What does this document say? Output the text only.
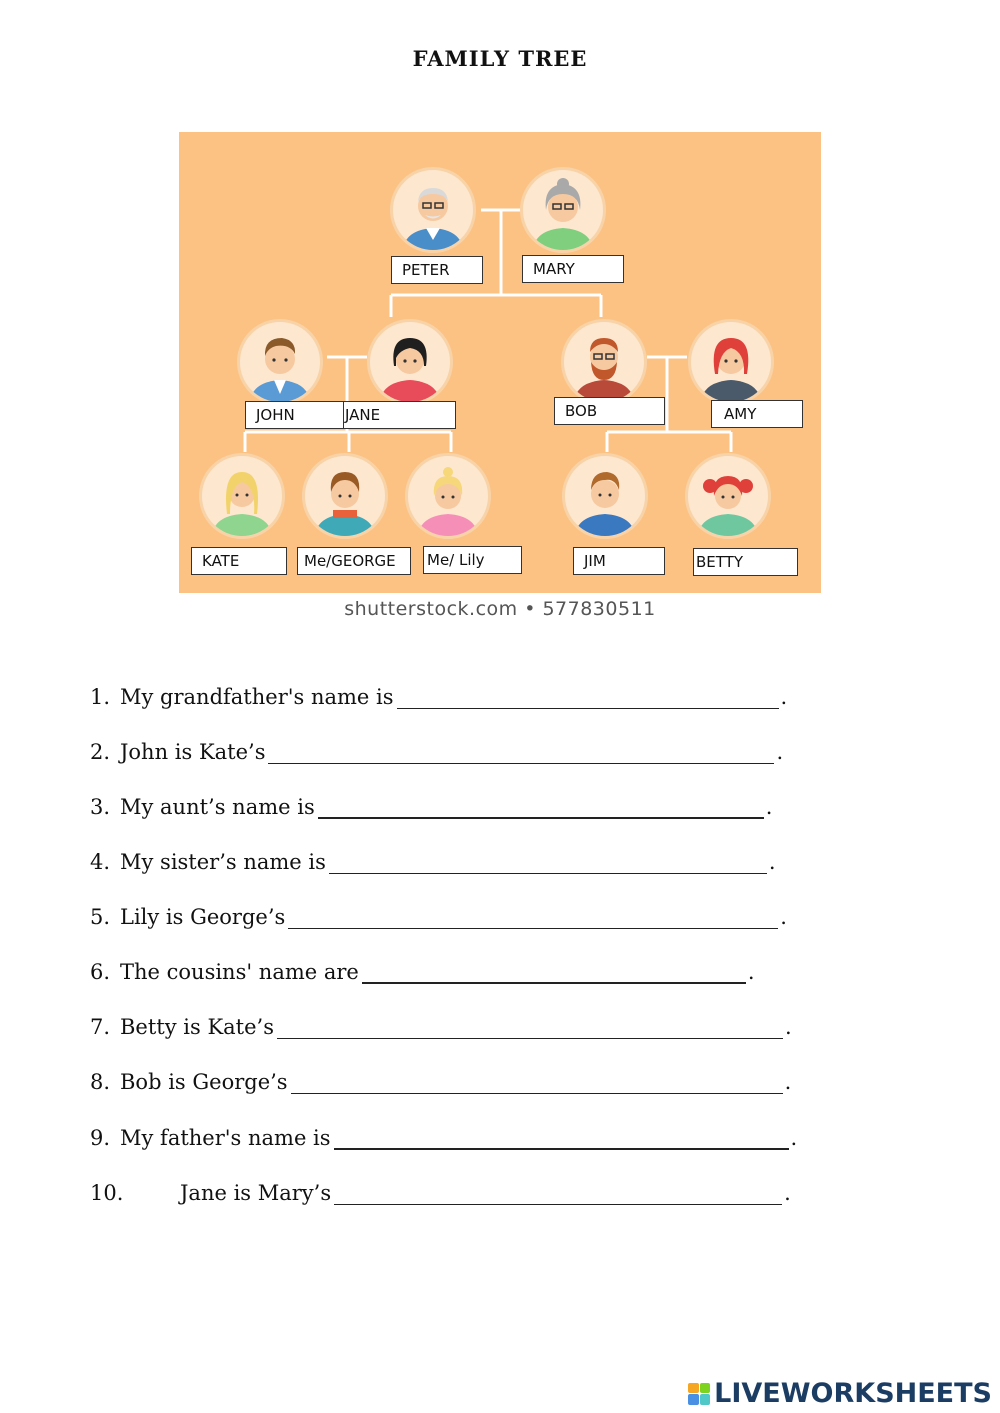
FAMILY TREE
PETER	MARY
JOHN	JANE	BOB	AMY
KATE	Me/GEORGE	Me/ Lily	JIM	BETTY
shutterstock.com • 577830511
1. My grandfather's name is	.
2. John is Kate’s	.
3. My aunt’s name is	.
4. My sister’s name is	.
5. Lily is George’s	.
6. The cousins' name are	.
7. Betty is Kate’s	.
8. Bob is George’s	.
9. My father's name is	.
10.	Jane is Mary’s	.
LIVEWORKSHEETS
